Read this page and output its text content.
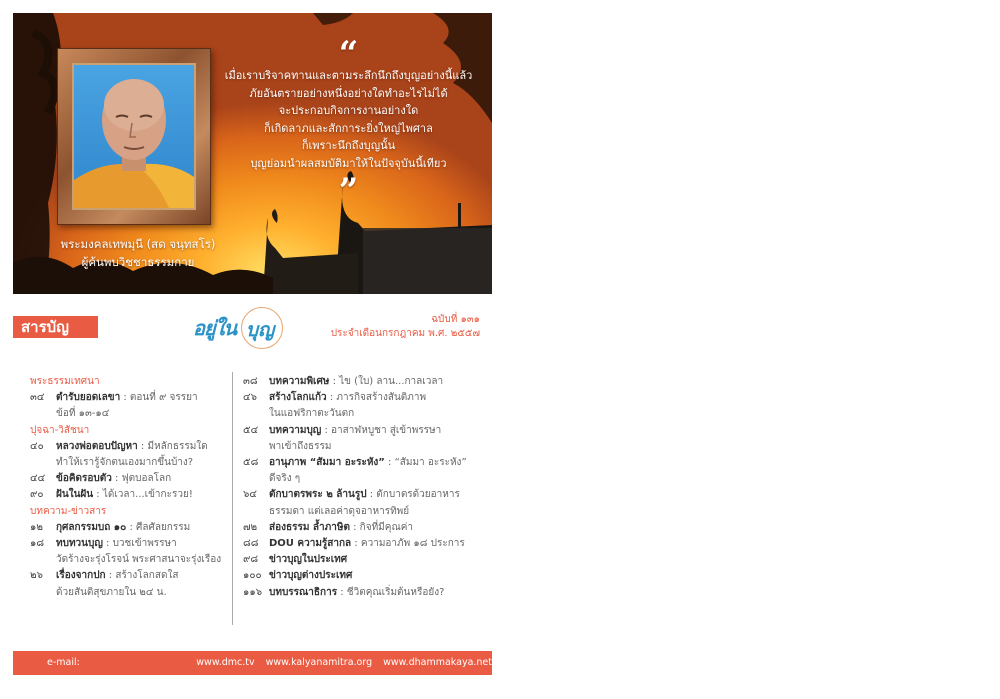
พระมงคลเทพมุนี (สด จนฺทสโร)
ผู้ค้นพบวิชชาธรรมกาย
“
เมื่อเราบริจาคทานและตามระลึกนึกถึงบุญอย่างนี้แล้ว
ภัยอันตรายอย่างหนึ่งอย่างใดทำอะไรไม่ได้
จะประกอบกิจการงานอย่างใด
ก็เกิดลาภและสักการะยิ่งใหญ่ไพศาล
ก็เพราะนึกถึงบุญนั้น
บุญย่อมนำผลสมบัติมาให้ในปัจจุบันนี้เทียว
”
สารบัญ	อยู่ใน บุญ	ฉบับที่ ๑๓๑
ประจำเดือนกรกฎาคม พ.ศ. ๒๕๕๗
พระธรรมเทศนา
๓๔	ตำรับยอดเลขา : ตอนที่ ๙ จรรยา
ข้อที่ ๑๓-๑๔
ปุจฉา-วิสัชนา
๔๐	หลวงพ่อตอบปัญหา : มีหลักธรรมใด
ทำให้เรารู้จักตนเองมากขึ้นบ้าง?
๔๔	ข้อคิดรอบตัว : ฟุตบอลโลก
๙๐	ฝันในฝัน : ได้เวลา...เข้ากะรวย!
บทความ-ข่าวสาร
๑๒	กุศลกรรมบถ ๑๐ : ศีลศัลยกรรม
๑๘	ทบทวนบุญ : บวชเข้าพรรษา
วัดร้างจะรุ่งโรจน์ พระศาสนาจะรุ่งเรือง
๒๖	เรื่องจากปก : สร้างโลกสดใส
ด้วยสันติสุขภายใน ๒๔ น.
๓๘	บทความพิเศษ : ไข (ใบ) ลาน...กาลเวลา
๔๖	สร้างโลกแก้ว : ภารกิจสร้างสันติภาพ
ในแอฟริกาตะวันตก
๕๔	บทความบุญ : อาสาฬหบูชา สู่เข้าพรรษา
พาเข้าถึงธรรม
๕๘	อานุภาพ “สัมมา อะระหัง” : “สัมมา อะระหัง”
ดีจริง ๆ
๖๔	ตักบาตรพระ ๒ ล้านรูป : ตักบาตรด้วยอาหาร
ธรรมดา แต่เลอค่าดุจอาหารทิพย์
๗๒	ส่องธรรม ล้ำภาษิต : กิจที่มีคุณค่า
๘๘	DOU ความรู้สากล : ความอาภัพ ๑๘ ประการ
๙๘	ข่าวบุญในประเทศ
๑๐๐ ข่าวบุญต่างประเทศ
๑๑๖ บทบรรณาธิการ : ชีวิตคุณเริ่มต้นหรือยัง?
e-mail: yunaiboon@yahoo.com
www.dmc.tv www.kalyanamitra.org www.dhammakaya.net
